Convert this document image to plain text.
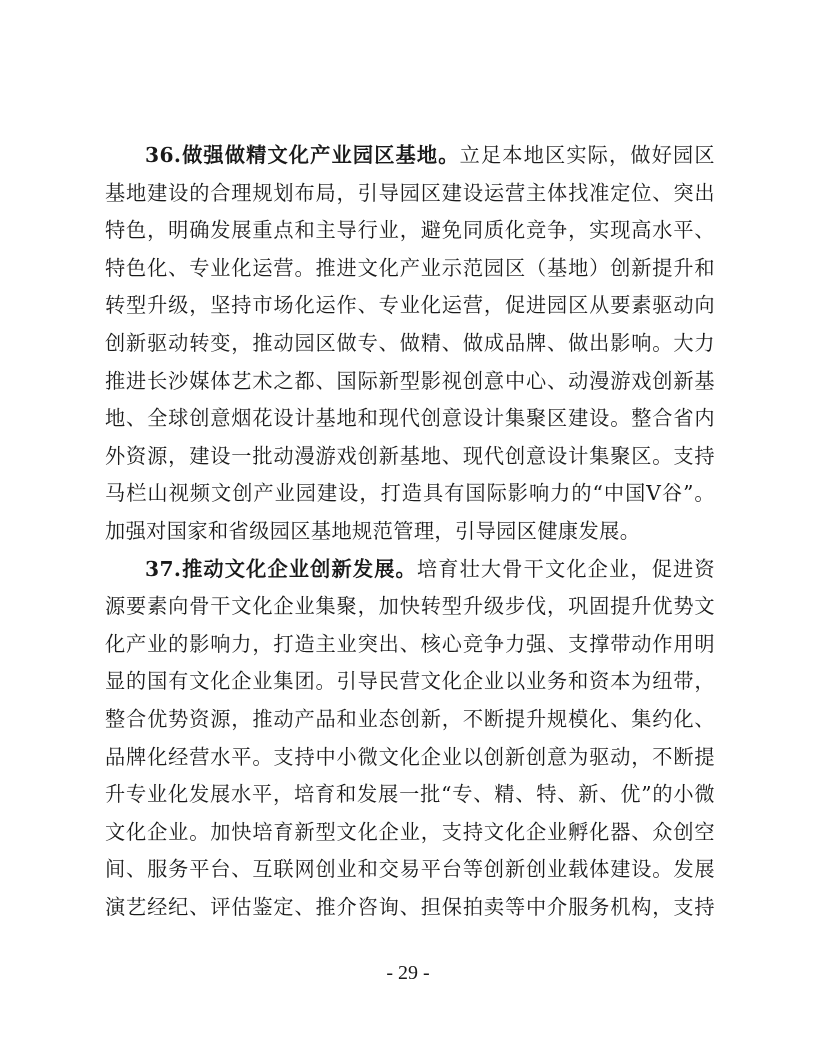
36.做强做精文化产业园区基地。立足本地区实际，做好园区
基地建设的合理规划布局，引导园区建设运营主体找准定位、突出
特色，明确发展重点和主导行业，避免同质化竞争，实现高水平、
特色化、专业化运营。推进文化产业示范园区（基地）创新提升和
转型升级，坚持市场化运作、专业化运营，促进园区从要素驱动向
创新驱动转变，推动园区做专、做精、做成品牌、做出影响。大力
推进长沙媒体艺术之都、国际新型影视创意中心、动漫游戏创新基
地、全球创意烟花设计基地和现代创意设计集聚区建设。整合省内
外资源，建设一批动漫游戏创新基地、现代创意设计集聚区。支持
马栏山视频文创产业园建设，打造具有国际影响力的“中国V谷”。
加强对国家和省级园区基地规范管理，引导园区健康发展。
37.推动文化企业创新发展。培育壮大骨干文化企业，促进资
源要素向骨干文化企业集聚，加快转型升级步伐，巩固提升优势文
化产业的影响力，打造主业突出、核心竞争力强、支撑带动作用明
显的国有文化企业集团。引导民营文化企业以业务和资本为纽带，
整合优势资源，推动产品和业态创新，不断提升规模化、集约化、
品牌化经营水平。支持中小微文化企业以创新创意为驱动，不断提
升专业化发展水平，培育和发展一批“专、精、特、新、优”的小微
文化企业。加快培育新型文化企业，支持文化企业孵化器、众创空
间、服务平台、互联网创业和交易平台等创新创业载体建设。发展
演艺经纪、评估鉴定、推介咨询、担保拍卖等中介服务机构，支持
- 29 -
